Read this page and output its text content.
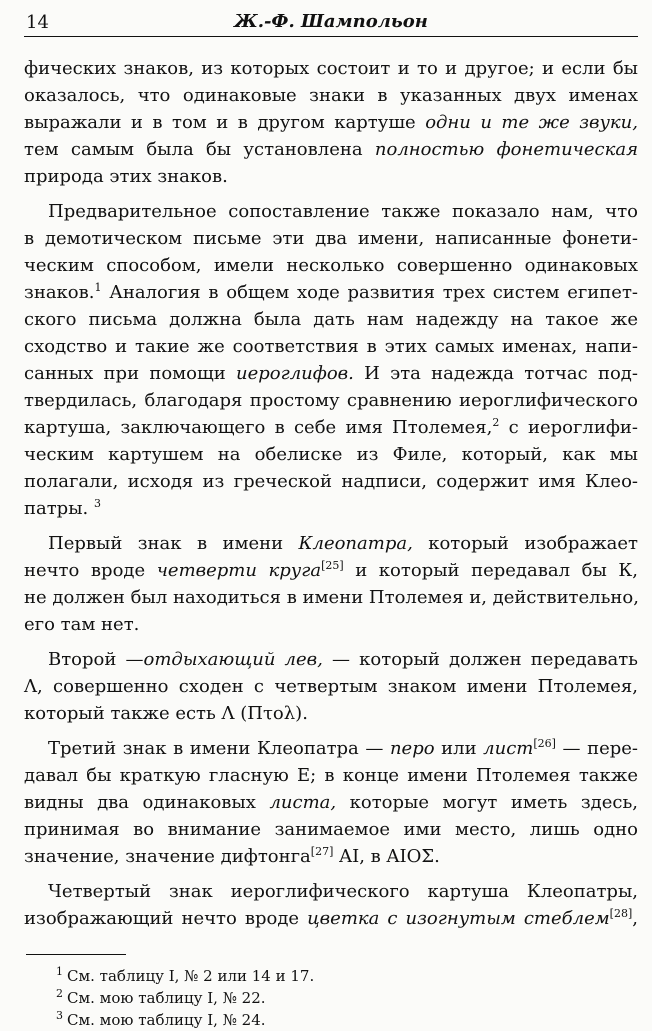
14	Ж.-Ф. Шампольон
фических знаков, из которых состоит и то и другое; и если бы
оказалось, что одинаковые знаки в указанных двух именах
выражали и в том и в другом картуше одни и те же звуки,
тем самым была бы установлена полностью фонетическая
природа этих знаков.
Предварительное сопоставление также показало нам, что
в демотическом письме эти два имени, написанные фонети-
ческим способом, имели несколько совершенно одинаковых
знаков.$^1$ Аналогия в общем ходе развития трех систем египет-
ского письма должна была дать нам надежду на такое же
сходство и такие же соответствия в этих самых именах, напи-
санных при помощи иероглифов. И эта надежда тотчас под-
твердилась, благодаря простому сравнению иероглифического
картуша, заключающего в себе имя Птолемея,$^2$ с иероглифи-
ческим картушем на обелиске из Филе, который, как мы
полагали, исходя из греческой надписи, содержит имя Клео-
патры. $^3$
Первый знак в имени Клеопатра, который изображает
нечто вроде четверти круга[25] и который передавал бы К,
не должен был находиться в имени Птолемея и, действительно,
его там нет.
Второй —отдыхающий лев, — который должен передавать
Λ, совершенно сходен с четвертым знаком имени Птолемея,
который также есть Λ (Πτολ).
Третий знак в имени Клеопатра — перо или лист[26] — пере-
давал бы краткую гласную Е; в конце имени Птолемея также
видны два одинаковых листа, которые могут иметь здесь,
принимая во внимание занимаемое ими место, лишь одно
значение, значение дифтонга[27] ΑΙ, в ΑΙΟΣ.
Четвертый знак иероглифического картуша Клеопатры,
изображающий нечто вроде цветка с изогнутым стеблем[28],
$^1$ См. таблицу I, № 2 или 14 и 17.
$^2$ См. мою таблицу I, № 22.
$^3$ См. мою таблицу I, № 24.
